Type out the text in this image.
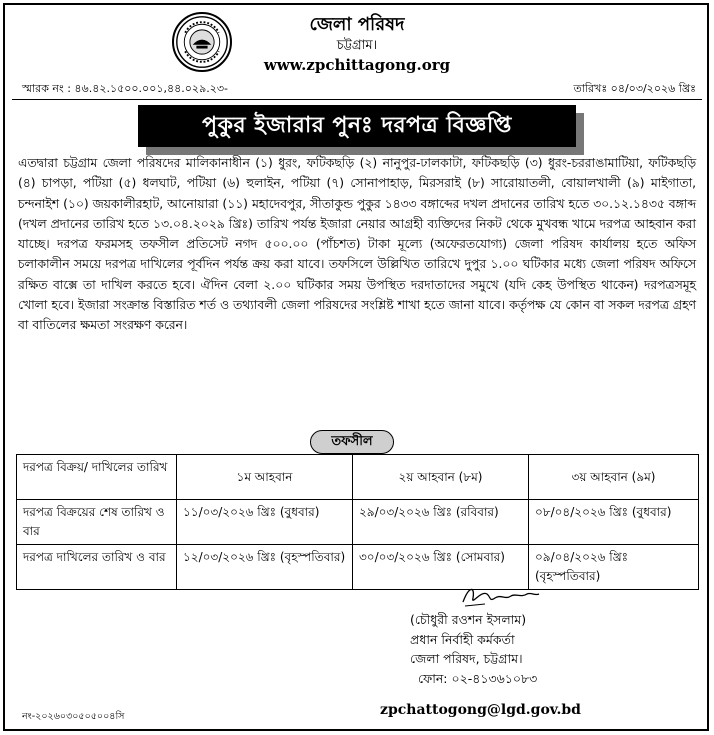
জেলা পরিষদ
চট্টগ্রাম।
www.zpchittagong.org
স্মারক নং : ৪৬.৪২.১৫০০.০০১,৪৪.০২৯.২৩-	তারিখঃ ০৪/০৩/২০২৬ খ্রিঃ
পুকুর ইজারার পুনঃ দরপত্র বিজ্ঞপ্তি

এতদ্বারা চট্টগ্রাম জেলা পরিষদের মালিকানাধীন (১) ধুরং, ফটিকছড়ি (২) নানুপুর-ঢালকাটা, ফটিকছড়ি (৩) ধুরং-চররাঙামাটিয়া, ফটিকছড়ি (৪) চাপড়া, পটিয়া (৫) ধলঘাট, পটিয়া (৬) হুলাইন, পটিয়া (৭) সোনাপাহাড়, মিরসরাই (৮) সারোয়াতলী, বোয়ালখালী (৯) মাইগাতা, চন্দনাইশ (১০) জয়কালীরহাট, আনোয়ারা (১১) মহাদেবপুর, সীতাকুন্ড পুকুর ১৪৩৩ বঙ্গাব্দের দখল প্রদানের তারিখ হতে ৩০.১২.১৪৩৫ বঙ্গাব্দ (দখল প্রদানের তারিখ হতে ১৩.০৪.২০২৯ খ্রিঃ) তারিখ পর্যন্ত ইজারা নেয়ার আগ্রহী ব্যক্তিদের নিকট থেকে মুখবন্ধ খামে দরপত্র আহবান করা যাচ্ছে। দরপত্র ফরমসহ তফসীল প্রতিসেট নগদ ৫০০.০০ (পাঁচশত) টাকা মূল্যে (অফেরতযোগ্য) জেলা পরিষদ কার্যালয় হতে অফিস চলাকালীন সময়ে দরপত্র দাখিলের পূর্বদিন পর্যন্ত ক্রয় করা যাবে। তফসিলে উল্লিখিত তারিখে দুপুর ১.০০ ঘটিকার মধ্যে জেলা পরিষদ অফিসে রক্ষিত বাক্সে তা দাখিল করতে হবে। ঐদিন বেলা ২.০০ ঘটিকার সময় উপস্থিত দরদাতাদের সমুখে (যদি কেহ উপস্থিত থাকেন) দরপত্রসমূহ খোলা হবে। ইজারা সংক্রান্ত বিস্তারিত শর্ত ও তথ্যাবলী জেলা পরিষদের সংশ্লিষ্ট শাখা হতে জানা যাবে। কর্তৃপক্ষ যে কোন বা সকল দরপত্র গ্রহণ বা বাতিলের ক্ষমতা সংরক্ষণ করেন।

তফসীল
দরপত্র বিক্রয়/ দাখিলের তারিখ	১ম আহবান	২য় আহবান (৮ম)	৩য় আহবান (৯ম)
দরপত্র বিক্রয়ের শেষ তারিখ ও বার	১১/০৩/২০২৬ খ্রিঃ (বুধবার)	২৯/০৩/২০২৬ খ্রিঃ (রবিবার)	০৮/০৪/২০২৬ খ্রিঃ (বুধবার)
দরপত্র দাখিলের তারিখ ও বার	১২/০৩/২০২৬ খ্রিঃ (বৃহস্পতিবার)	৩০/০৩/২০২৬ খ্রিঃ (সোমবার)	০৯/০৪/২০২৬ খ্রিঃ (বৃহস্পতিবার)
(চৌধুরী রওশন ইসলাম)
প্রধান নির্বাহী কর্মকর্তা
জেলা পরিষদ, চট্টগ্রাম।
ফোন: ০২-৪১৩৬১০৮৩
নং-২০২৬০৩০৫০৫০০৪সি	zpchattogong@lgd.gov.bd
